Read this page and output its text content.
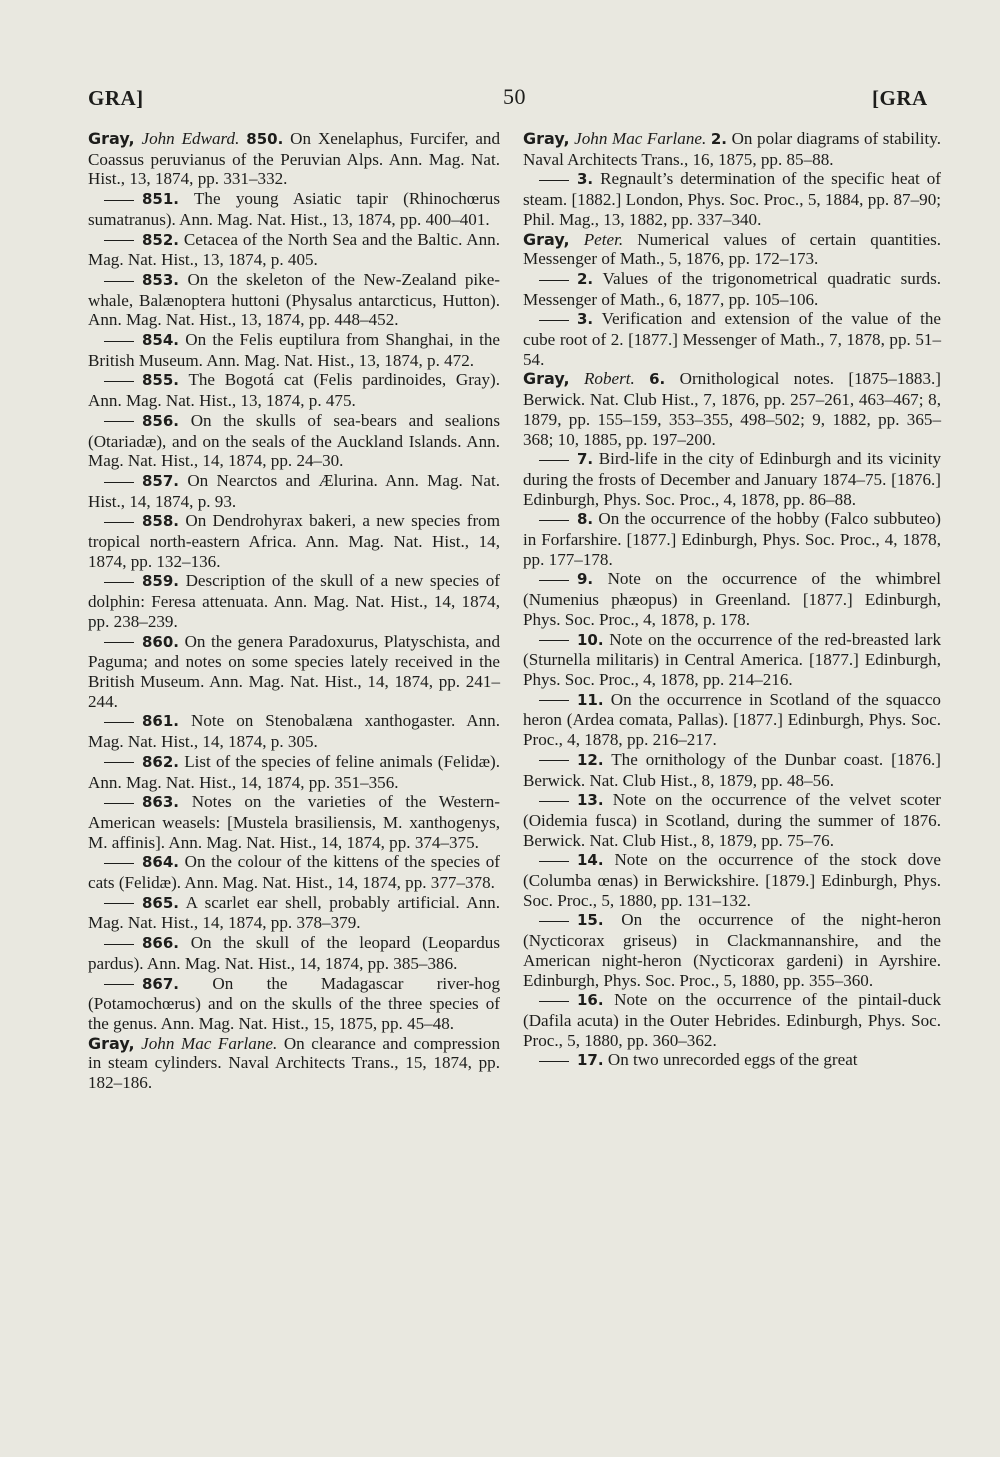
GRA]	50	[GRA

Gray, John Edward. 850. On Xenelaphus, Furcifer, and Coassus peruvianus of the Peruvian Alps. Ann. Mag. Nat. Hist., 13, 1874, pp. 331–332.

851. The young Asiatic tapir (Rhinochœrus sumatranus). Ann. Mag. Nat. Hist., 13, 1874, pp. 400–401.

852. Cetacea of the North Sea and the Baltic. Ann. Mag. Nat. Hist., 13, 1874, p. 405.

853. On the skeleton of the New-Zealand pike-whale, Balænoptera huttoni (Physalus antarcticus, Hutton). Ann. Mag. Nat. Hist., 13, 1874, pp. 448–452.

854. On the Felis euptilura from Shanghai, in the British Museum. Ann. Mag. Nat. Hist., 13, 1874, p. 472.

855. The Bogotá cat (Felis pardinoides, Gray). Ann. Mag. Nat. Hist., 13, 1874, p. 475.

856. On the skulls of sea-bears and sealions (Otariadæ), and on the seals of the Auckland Islands. Ann. Mag. Nat. Hist., 14, 1874, pp. 24–30.

857. On Nearctos and Ælurina. Ann. Mag. Nat. Hist., 14, 1874, p. 93.

858. On Dendrohyrax bakeri, a new species from tropical north-eastern Africa. Ann. Mag. Nat. Hist., 14, 1874, pp. 132–136.

859. Description of the skull of a new species of dolphin: Feresa attenuata. Ann. Mag. Nat. Hist., 14, 1874, pp. 238–239.

860. On the genera Paradoxurus, Platyschista, and Paguma; and notes on some species lately received in the British Museum. Ann. Mag. Nat. Hist., 14, 1874, pp. 241–244.

861. Note on Stenobalæna xanthogaster. Ann. Mag. Nat. Hist., 14, 1874, p. 305.

862. List of the species of feline animals (Felidæ). Ann. Mag. Nat. Hist., 14, 1874, pp. 351–356.

863. Notes on the varieties of the Western-American weasels: [Mustela brasiliensis, M. xanthogenys, M. affinis]. Ann. Mag. Nat. Hist., 14, 1874, pp. 374–375.

864. On the colour of the kittens of the species of cats (Felidæ). Ann. Mag. Nat. Hist., 14, 1874, pp. 377–378.

865. A scarlet ear shell, probably artificial. Ann. Mag. Nat. Hist., 14, 1874, pp. 378–379.

866. On the skull of the leopard (Leopardus pardus). Ann. Mag. Nat. Hist., 14, 1874, pp. 385–386.

867. On the Madagascar river-hog (Potamochœrus) and on the skulls of the three species of the genus. Ann. Mag. Nat. Hist., 15, 1875, pp. 45–48.

Gray, John Mac Farlane. On clearance and compression in steam cylinders. Naval Architects Trans., 15, 1874, pp. 182–186.

Gray, John Mac Farlane. 2. On polar diagrams of stability. Naval Architects Trans., 16, 1875, pp. 85–88.

3. Regnault’s determination of the specific heat of steam. [1882.] London, Phys. Soc. Proc., 5, 1884, pp. 87–90; Phil. Mag., 13, 1882, pp. 337–340.

Gray, Peter. Numerical values of certain quantities. Messenger of Math., 5, 1876, pp. 172–173.

2. Values of the trigonometrical quadratic surds. Messenger of Math., 6, 1877, pp. 105–106.

3. Verification and extension of the value of the cube root of 2. [1877.] Messenger of Math., 7, 1878, pp. 51–54.

Gray, Robert. 6. Ornithological notes. [1875–1883.] Berwick. Nat. Club Hist., 7, 1876, pp. 257–261, 463–467; 8, 1879, pp. 155–159, 353–355, 498–502; 9, 1882, pp. 365–368; 10, 1885, pp. 197–200.

7. Bird-life in the city of Edinburgh and its vicinity during the frosts of December and January 1874–75. [1876.] Edinburgh, Phys. Soc. Proc., 4, 1878, pp. 86–88.

8. On the occurrence of the hobby (Falco subbuteo) in Forfarshire. [1877.] Edinburgh, Phys. Soc. Proc., 4, 1878, pp. 177–178.

9. Note on the occurrence of the whimbrel (Numenius phæopus) in Greenland. [1877.] Edinburgh, Phys. Soc. Proc., 4, 1878, p. 178.

10. Note on the occurrence of the red-breasted lark (Sturnella militaris) in Central America. [1877.] Edinburgh, Phys. Soc. Proc., 4, 1878, pp. 214–216.

11. On the occurrence in Scotland of the squacco heron (Ardea comata, Pallas). [1877.] Edinburgh, Phys. Soc. Proc., 4, 1878, pp. 216–217.

12. The ornithology of the Dunbar coast. [1876.] Berwick. Nat. Club Hist., 8, 1879, pp. 48–56.

13. Note on the occurrence of the velvet scoter (Oidemia fusca) in Scotland, during the summer of 1876. Berwick. Nat. Club Hist., 8, 1879, pp. 75–76.

14. Note on the occurrence of the stock dove (Columba œnas) in Berwickshire. [1879.] Edinburgh, Phys. Soc. Proc., 5, 1880, pp. 131–132.

15. On the occurrence of the night-heron (Nycticorax griseus) in Clackmannanshire, and the American night-heron (Nycticorax gardeni) in Ayrshire. Edinburgh, Phys. Soc. Proc., 5, 1880, pp. 355–360.

16. Note on the occurrence of the pintail-duck (Dafila acuta) in the Outer Hebrides. Edinburgh, Phys. Soc. Proc., 5, 1880, pp. 360–362.

17. On two unrecorded eggs of the great
